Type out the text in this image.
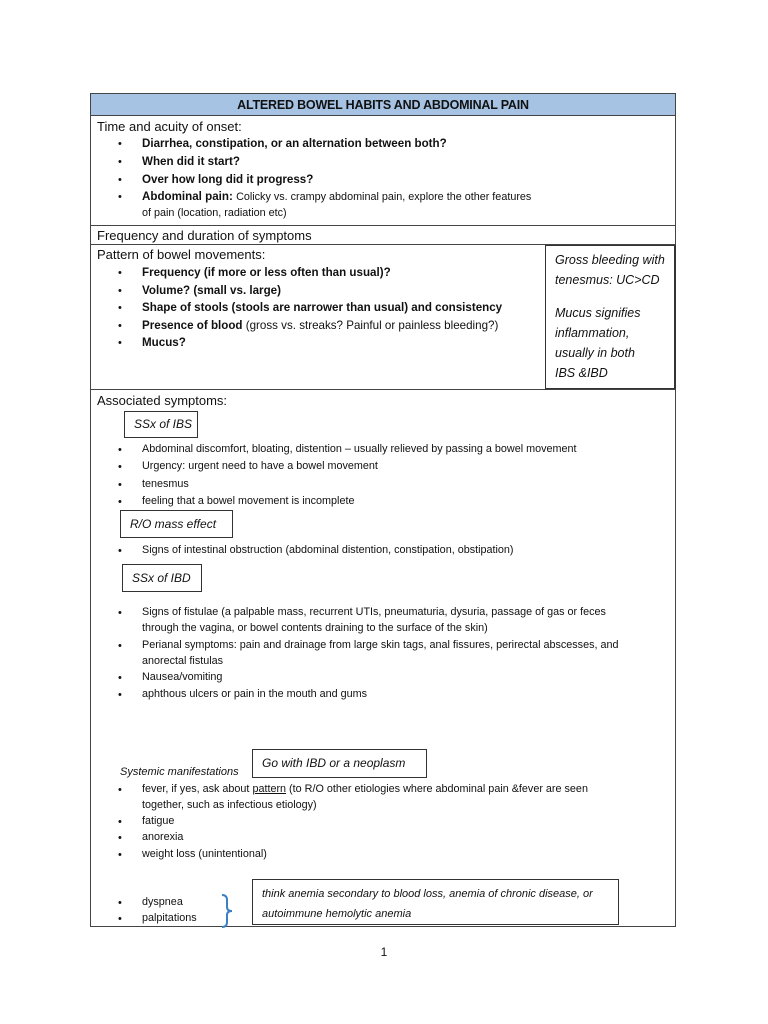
ALTERED BOWEL HABITS AND ABDOMINAL PAIN
Time and acuity of onset:
• Diarrhea, constipation, or an alternation between both?
• When did it start?
• Over how long did it progress?
• Abdominal pain: Colicky vs. crampy abdominal pain, explore the other features
of pain (location, radiation etc)
Frequency and duration of symptoms
Pattern of bowel movements:
• Frequency (if more or less often than usual)?
• Volume? (small vs. large)
• Shape of stools (stools are narrower than usual) and consistency
• Presence of blood (gross vs. streaks? Painful or painless bleeding?)
• Mucus?

Gross bleeding with tenesmus: UC>CD

Mucus signifies inflammation, usually in both IBS &IBD

Associated symptoms:
SSx of IBS
• Abdominal discomfort, bloating, distention – usually relieved by passing a bowel movement
• Urgency: urgent need to have a bowel movement
• tenesmus
• feeling that a bowel movement is incomplete
R/O mass effect
• Signs of intestinal obstruction (abdominal distention, constipation, obstipation)
SSx of IBD
• Signs of fistulae (a palpable mass, recurrent UTIs, pneumaturia, dysuria, passage of gas or feces
through the vagina, or bowel contents draining to the surface of the skin)
• Perianal symptoms: pain and drainage from large skin tags, anal fissures, perirectal abscesses, and
anorectal fistulas
• Nausea/vomiting
• aphthous ulcers or pain in the mouth and gums
Go with IBD or a neoplasm
Systemic manifestations
• fever, if yes, ask about pattern (to R/O other etiologies where abdominal pain &fever are seen
together, such as infectious etiology)
• fatigue
• anorexia
• weight loss (unintentional)
• dyspnea
• palpitations
think anemia secondary to blood loss, anemia of chronic disease, or
autoimmune hemolytic anemia
1
